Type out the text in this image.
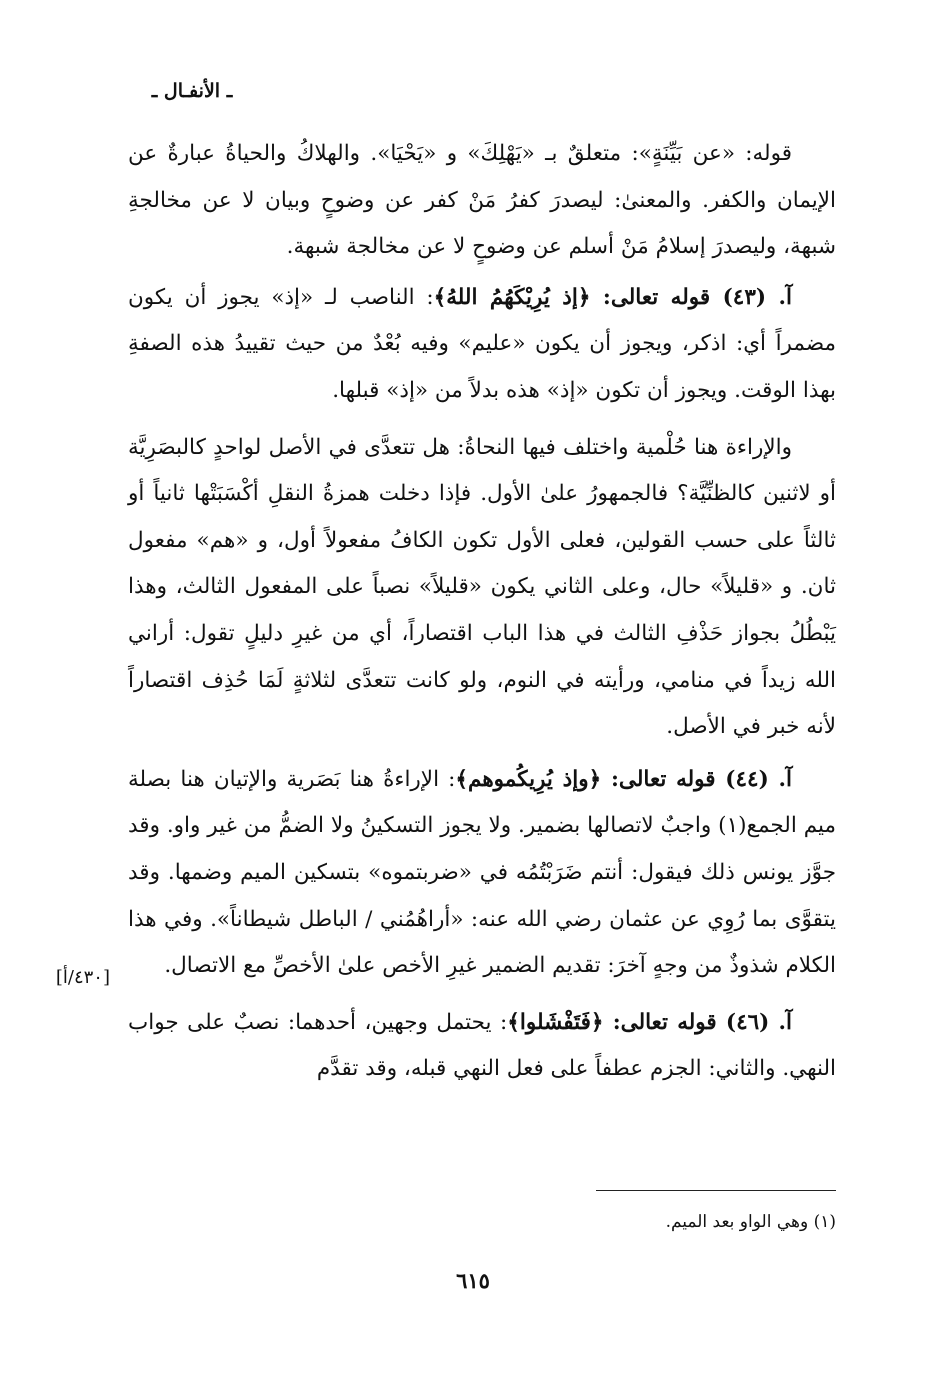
ـ الأنفـال ـ

قوله: «عن بَيِّنَةٍ»: متعلقٌ بـ «يَهْلِكَ» و «يَحْيَا». والهلاكُ والحياةُ عبارةٌ عن الإيمان والكفر. والمعنىٰ: ليصدرَ كفرُ مَنْ كفر عن وضوحٍ وبيان لا عن مخالجةِ شبهة، وليصدرَ إسلامُ مَنْ أسلم عن وضوحٍ لا عن مخالجة شبهة.

آ. (٤٣) قوله تعالى: ﴿إذ يُرِيْكَهُمُ اللهُ﴾: الناصب لـ «إذ» يجوز أن يكون مضمراً أي: اذكر، ويجوز أن يكون «عليم» وفيه بُعْدٌ من حيث تقييدُ هذه الصفةِ بهذا الوقت. ويجوز أن تكون «إذ» هذه بدلاً من «إذ» قبلها.

والإراءة هنا حُلْمية واختلف فيها النحاةُ: هل تتعدَّى في الأصل لواحدٍ كالبصَرِيَّة أو لاثنين كالظنِّيَّة؟ فالجمهورُ علىٰ الأول. فإذا دخلت همزةُ النقلِ أكْسَبَتْها ثانياً أو ثالثاً على حسب القولين، فعلى الأول تكون الكافُ مفعولاً أول، و «هم» مفعول ثان. و «قليلاً» حال، وعلى الثاني يكون «قليلاً» نصباً على المفعول الثالث، وهذا يَبْطُلُ بجواز حَذْفِ الثالث في هذا الباب اقتصاراً، أي من غيرِ دليلٍ تقول: أراني الله زيداً في منامي، ورأيته في النوم، ولو كانت تتعدَّى لثلاثةٍ لَمَا حُذِف اقتصاراً لأنه خبر في الأصل.

آ. (٤٤) قوله تعالى: ﴿وإذ يُرِيكُموهم﴾: الإراءةُ هنا بَصَرية والإتيان هنا بصلة ميم الجمع(١) واجبٌ لاتصالها بضمير. ولا يجوز التسكينُ ولا الضمُّ من غير واو. وقد جوَّز يونس ذلك فيقول: أنتم ضَرَبْتُمُه في «ضربتموه» بتسكين الميم وضمها. وقد يتقوَّى بما رُوِي عن عثمان رضي الله عنه: «أراهُمُني / الباطل شيطاناً». وفي هذا الكلام شذوذٌ من وجهٍ آخرَ: تقديم الضمير غيرِ الأخص علىٰ الأخصِّ مع الاتصال.

آ. (٤٦) قوله تعالى: ﴿فَتَفْشَلوا﴾: يحتمل وجهين، أحدهما: نصبٌ على جواب النهي. والثاني: الجزم عطفاً على فعل النهي قبله، وقد تقدَّم

[٤٣٠/أ]
(١) وهي الواو بعد الميم.
٦١٥
